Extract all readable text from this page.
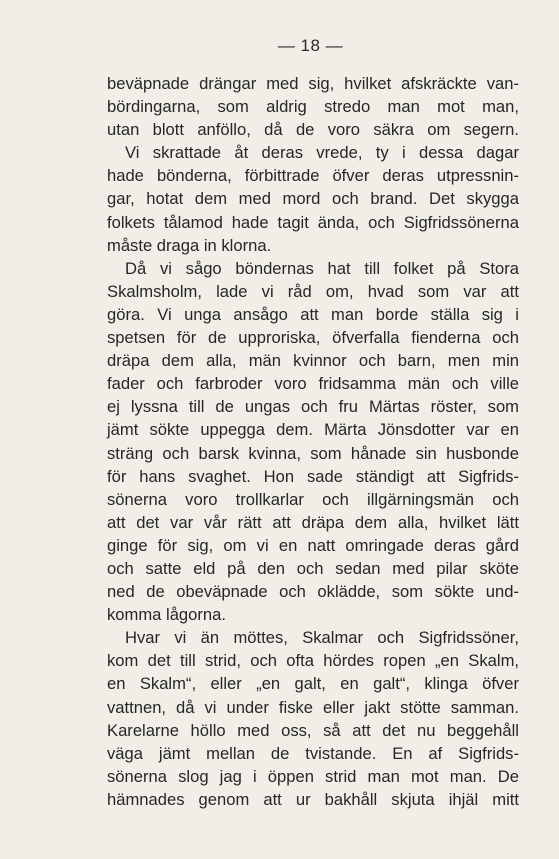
— 18 —
beväpnade drängar med sig, hvilket afskräckte van-
bördingarna, som aldrig stredo man mot man,
utan blott anföllo, då de voro säkra om segern.
Vi skrattade åt deras vrede, ty i dessa dagar
hade bönderna, förbittrade öfver deras utpressnin-
gar, hotat dem med mord och brand. Det skygga
folkets tålamod hade tagit ända, och Sigfridssönerna
måste draga in klorna.
Då vi sågo böndernas hat till folket på Stora
Skalmsholm, lade vi råd om, hvad som var att
göra. Vi unga ansågo att man borde ställa sig i
spetsen för de upproriska, öfverfalla fienderna och
dräpa dem alla, män kvinnor och barn, men min
fader och farbroder voro fridsamma män och ville
ej lyssna till de ungas och fru Märtas röster, som
jämt sökte uppegga dem. Märta Jönsdotter var en
sträng och barsk kvinna, som hånade sin husbonde
för hans svaghet. Hon sade ständigt att Sigfrids-
sönerna voro trollkarlar och illgärningsmän och
att det var vår rätt att dräpa dem alla, hvilket lätt
ginge för sig, om vi en natt omringade deras gård
och satte eld på den och sedan med pilar sköte
ned de obeväpnade och oklädde, som sökte und-
komma lågorna.
Hvar vi än möttes, Skalmar och Sigfridssöner,
kom det till strid, och ofta hördes ropen „en Skalm,
en Skalm“, eller „en galt, en galt“, klinga öfver
vattnen, då vi under fiske eller jakt stötte samman.
Karelarne höllo med oss, så att det nu beggehåll
väga jämt mellan de tvistande. En af Sigfrids-
sönerna slog jag i öppen strid man mot man. De
hämnades genom att ur bakhåll skjuta ihjäl mitt
